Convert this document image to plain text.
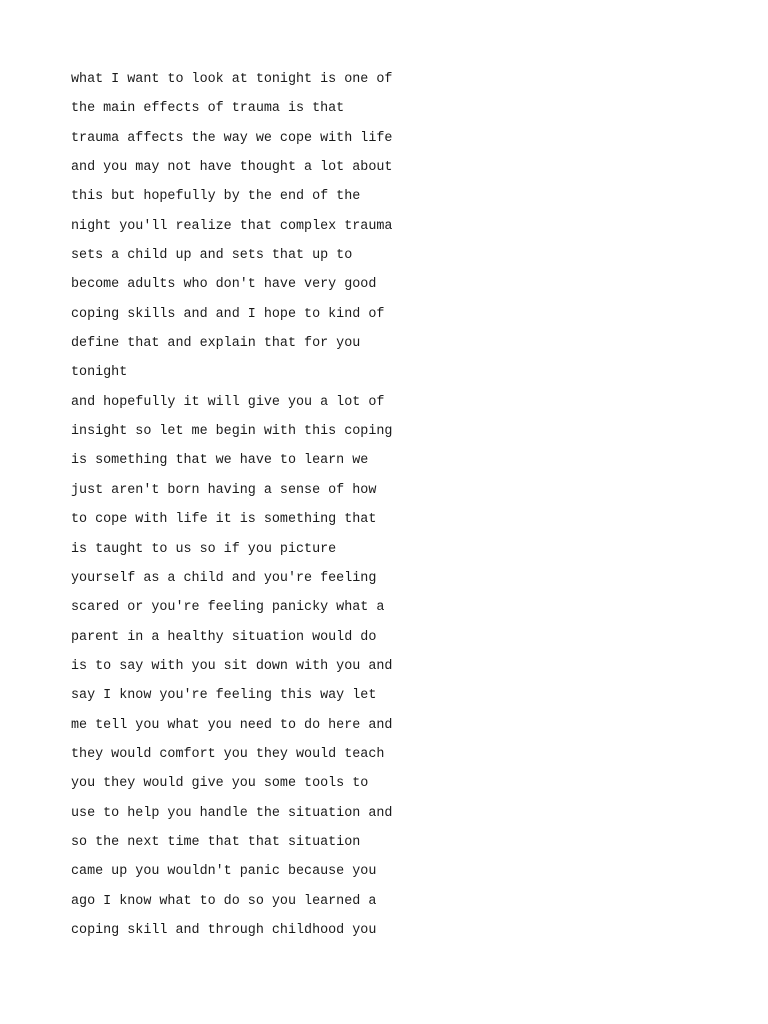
what I want to look at tonight is one of
the main effects of trauma is that
trauma affects the way we cope with life
and you may not have thought a lot about
this but hopefully by the end of the
night you'll realize that complex trauma
sets a child up and sets that up to
become adults who don't have very good
coping skills and and I hope to kind of
define that and explain that for you
tonight
and hopefully it will give you a lot of
insight so let me begin with this coping
is something that we have to learn we
just aren't born having a sense of how
to cope with life it is something that
is taught to us so if you picture
yourself as a child and you're feeling
scared or you're feeling panicky what a
parent in a healthy situation would do
is to say with you sit down with you and
say I know you're feeling this way let
me tell you what you need to do here and
they would comfort you they would teach
you they would give you some tools to
use to help you handle the situation and
so the next time that that situation
came up you wouldn't panic because you
ago I know what to do so you learned a
coping skill and through childhood you
